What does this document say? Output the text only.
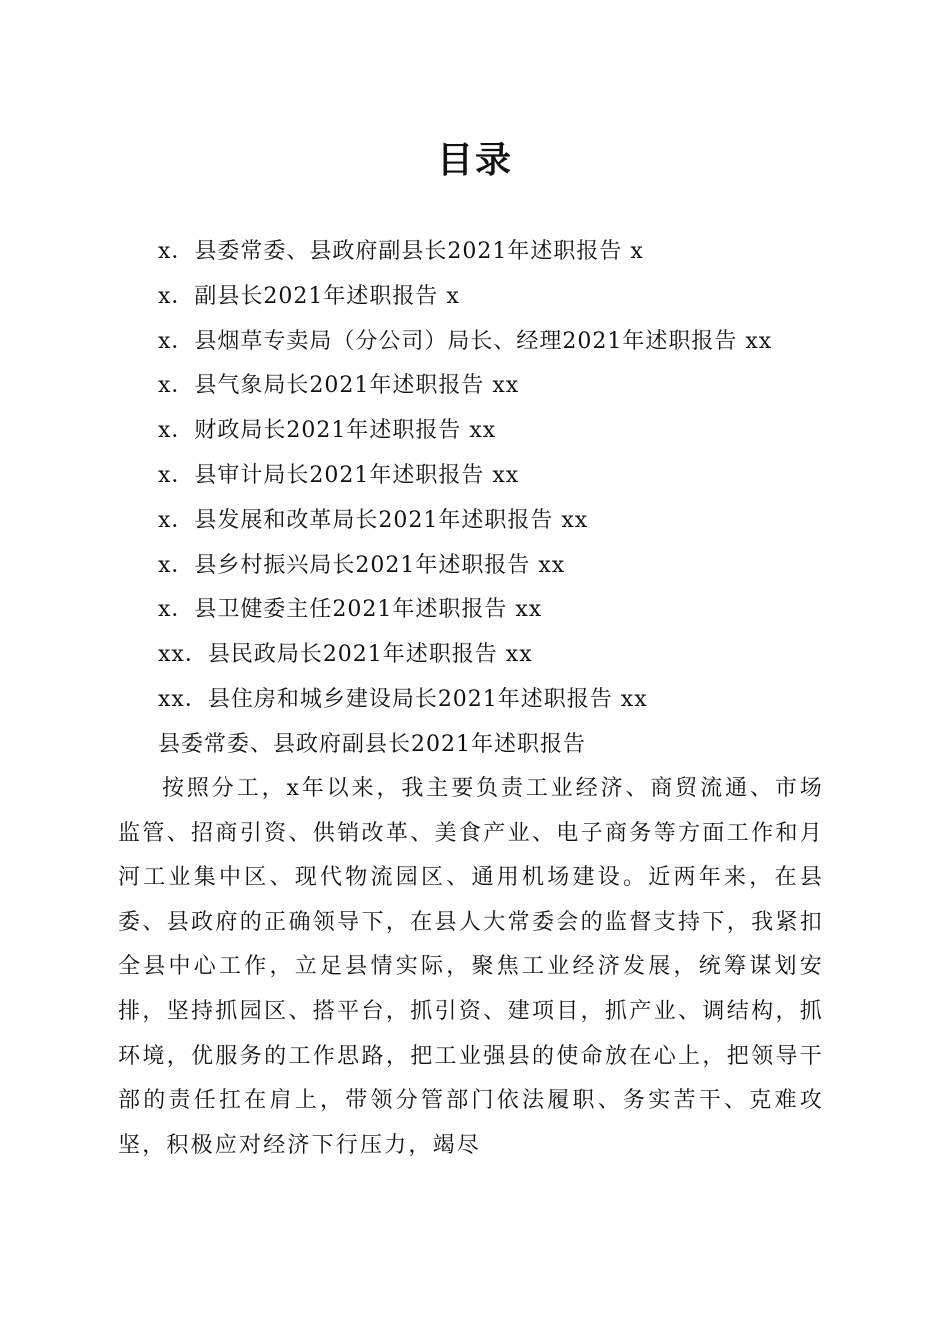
目录
x．县委常委、县政府副县长2021年述职报告 x
x．副县长2021年述职报告 x
x．县烟草专卖局（分公司）局长、经理2021年述职报告 xx
x．县气象局长2021年述职报告 xx
x．财政局长2021年述职报告 xx
x．县审计局长2021年述职报告 xx
x．县发展和改革局长2021年述职报告 xx
x．县乡村振兴局长2021年述职报告 xx
x．县卫健委主任2021年述职报告 xx
xx．县民政局长2021年述职报告 xx
xx．县住房和城乡建设局长2021年述职报告 xx
县委常委、县政府副县长2021年述职报告

按照分工，x年以来，我主要负责工业经济、商贸流通、市场监管、招商引资、供销改革、美食产业、电子商务等方面工作和月河工业集中区、现代物流园区、通用机场建设。近两年来，在县委、县政府的正确领导下，在县人大常委会的监督支持下，我紧扣全县中心工作，立足县情实际，聚焦工业经济发展，统筹谋划安排，坚持抓园区、搭平台，抓引资、建项目，抓产业、调结构，抓环境，优服务的工作思路，把工业强县的使命放在心上，把领导干部的责任扛在肩上，带领分管部门依法履职、务实苦干、克难攻坚，积极应对经济下行压力，竭尽
